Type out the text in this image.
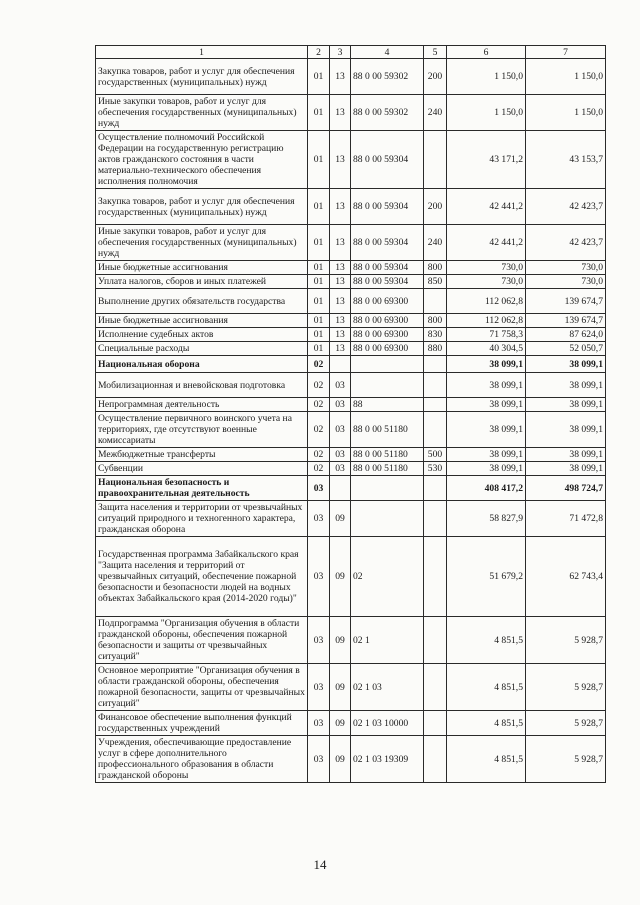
1	2	3	4	5	6	7
Закупка товаров, работ и услуг для обеспечения государственных (муниципальных) нужд	01	13	88 0 00 59302	200	1 150,0	1 150,0
Иные закупки товаров, работ и услуг для обеспечения государственных (муниципальных) нужд	01	13	88 0 00 59302	240	1 150,0	1 150,0
Осуществление полномочий Российской Федерации на государственную регистрацию актов гражданского состояния в части материально-технического обеспечения исполнения полномочия	01	13	88 0 00 59304		43 171,2	43 153,7
Закупка товаров, работ и услуг для обеспечения государственных (муниципальных) нужд	01	13	88 0 00 59304	200	42 441,2	42 423,7
Иные закупки товаров, работ и услуг для обеспечения государственных (муниципальных) нужд	01	13	88 0 00 59304	240	42 441,2	42 423,7
Иные бюджетные ассигнования	01	13	88 0 00 59304	800	730,0	730,0
Уплата налогов, сборов и иных платежей	01	13	88 0 00 59304	850	730,0	730,0
Выполнение других обязательств государства	01	13	88 0 00 69300		112 062,8	139 674,7
Иные бюджетные ассигнования	01	13	88 0 00 69300	800	112 062,8	139 674,7
Исполнение судебных актов	01	13	88 0 00 69300	830	71 758,3	87 624,0
Специальные расходы	01	13	88 0 00 69300	880	40 304,5	52 050,7
Национальная оборона	02				38 099,1	38 099,1
Мобилизационная и вневойсковая подготовка	02	03			38 099,1	38 099,1
Непрограммная деятельность	02	03	88		38 099,1	38 099,1
Осуществление первичного воинского учета на территориях, где отсутствуют военные комиссариаты	02	03	88 0 00 51180		38 099,1	38 099,1
Межбюджетные трансферты	02	03	88 0 00 51180	500	38 099,1	38 099,1
Субвенции	02	03	88 0 00 51180	530	38 099,1	38 099,1
Национальная безопасность и правоохранительная деятельность	03				408 417,2	498 724,7
Защита населения и территории от чрезвычайных ситуаций природного и техногенного характера, гражданская оборона	03	09			58 827,9	71 472,8
Государственная программа Забайкальского края "Защита населения и территорий от чрезвычайных ситуаций, обеспечение пожарной безопасности и безопасности людей на водных объектах Забайкальского края (2014-2020 годы)"	03	09	02		51 679,2	62 743,4
Подпрограмма "Организация обучения в области гражданской обороны, обеспечения пожарной безопасности и защиты от чрезвычайных ситуаций"	03	09	02 1		4 851,5	5 928,7
Основное мероприятие "Организация обучения в области гражданской обороны, обеспечения пожарной безопасности, защиты от чрезвычайных ситуаций"	03	09	02 1 03		4 851,5	5 928,7
Финансовое обеспечение выполнения функций государственных учреждений	03	09	02 1 03 10000		4 851,5	5 928,7
Учреждения, обеспечивающие предоставление услуг в сфере дополнительного профессионального образования в области гражданской обороны	03	09	02 1 03 19309		4 851,5	5 928,7
14
